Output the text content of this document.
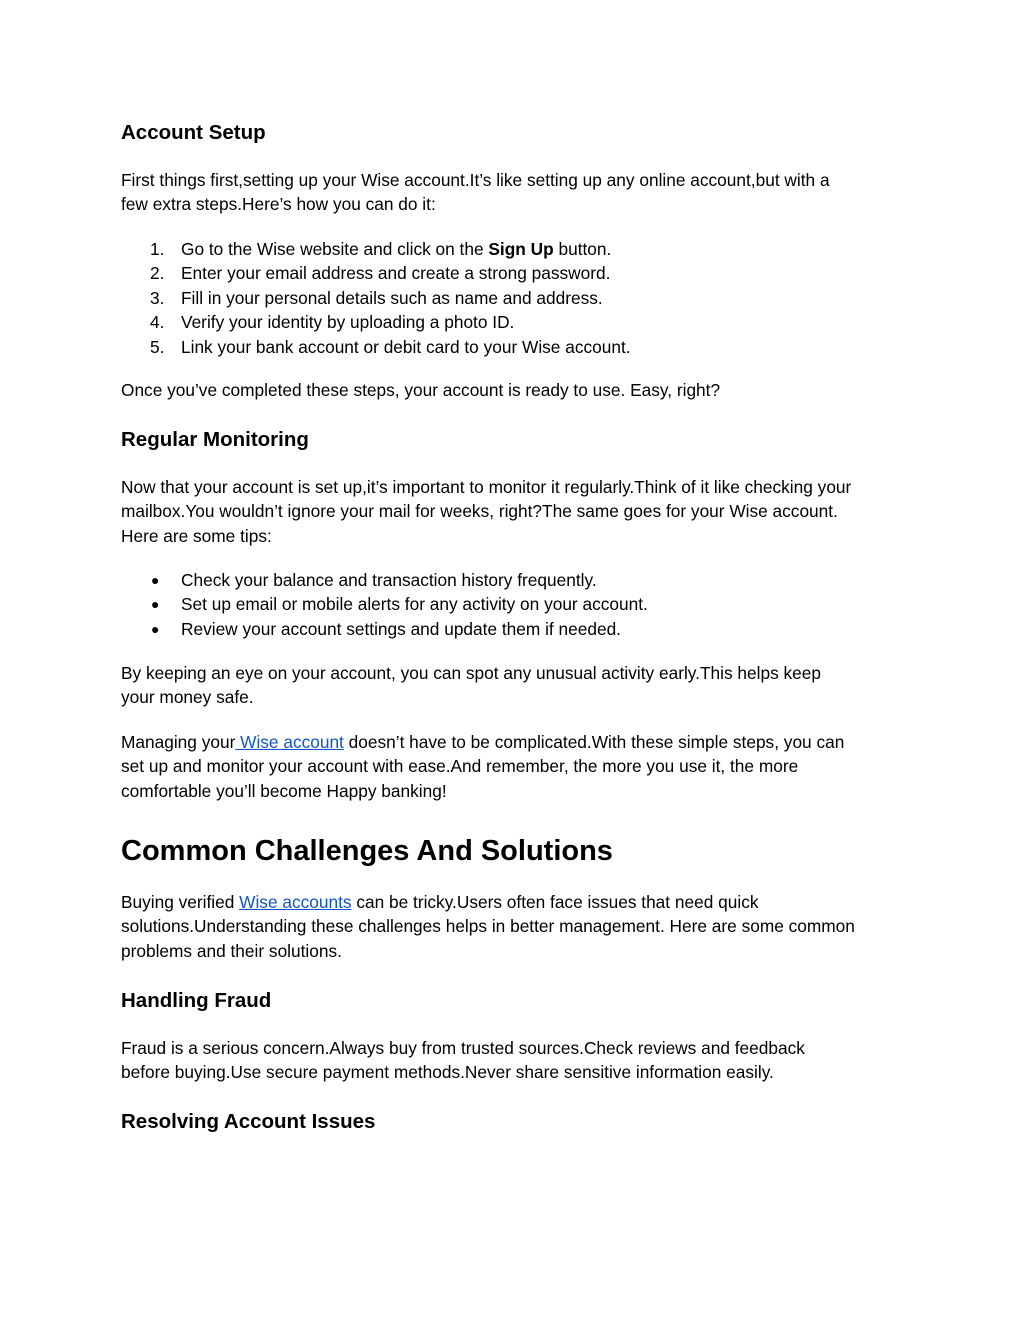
Account Setup

First things first,setting up your Wise account.It’s like setting up any online account,but with a
few extra steps.Here’s how you can do it:

1. Go to the Wise website and click on the Sign Up button.
2. Enter your email address and create a strong password.
3. Fill in your personal details such as name and address.
4. Verify your identity by uploading a photo ID.
5. Link your bank account or debit card to your Wise account.

Once you’ve completed these steps, your account is ready to use. Easy, right?

Regular Monitoring

Now that your account is set up,it’s important to monitor it regularly.Think of it like checking your
mailbox.You wouldn’t ignore your mail for weeks, right?The same goes for your Wise account.
Here are some tips:

● Check your balance and transaction history frequently.
● Set up email or mobile alerts for any activity on your account.
● Review your account settings and update them if needed.

By keeping an eye on your account, you can spot any unusual activity early.This helps keep
your money safe.

Managing your Wise account doesn’t have to be complicated.With these simple steps, you can
set up and monitor your account with ease.And remember, the more you use it, the more
comfortable you’ll become Happy banking!

Common Challenges And Solutions

Buying verified Wise accounts can be tricky.Users often face issues that need quick
solutions.Understanding these challenges helps in better management. Here are some common
problems and their solutions.

Handling Fraud

Fraud is a serious concern.Always buy from trusted sources.Check reviews and feedback
before buying.Use secure payment methods.Never share sensitive information easily.

Resolving Account Issues
